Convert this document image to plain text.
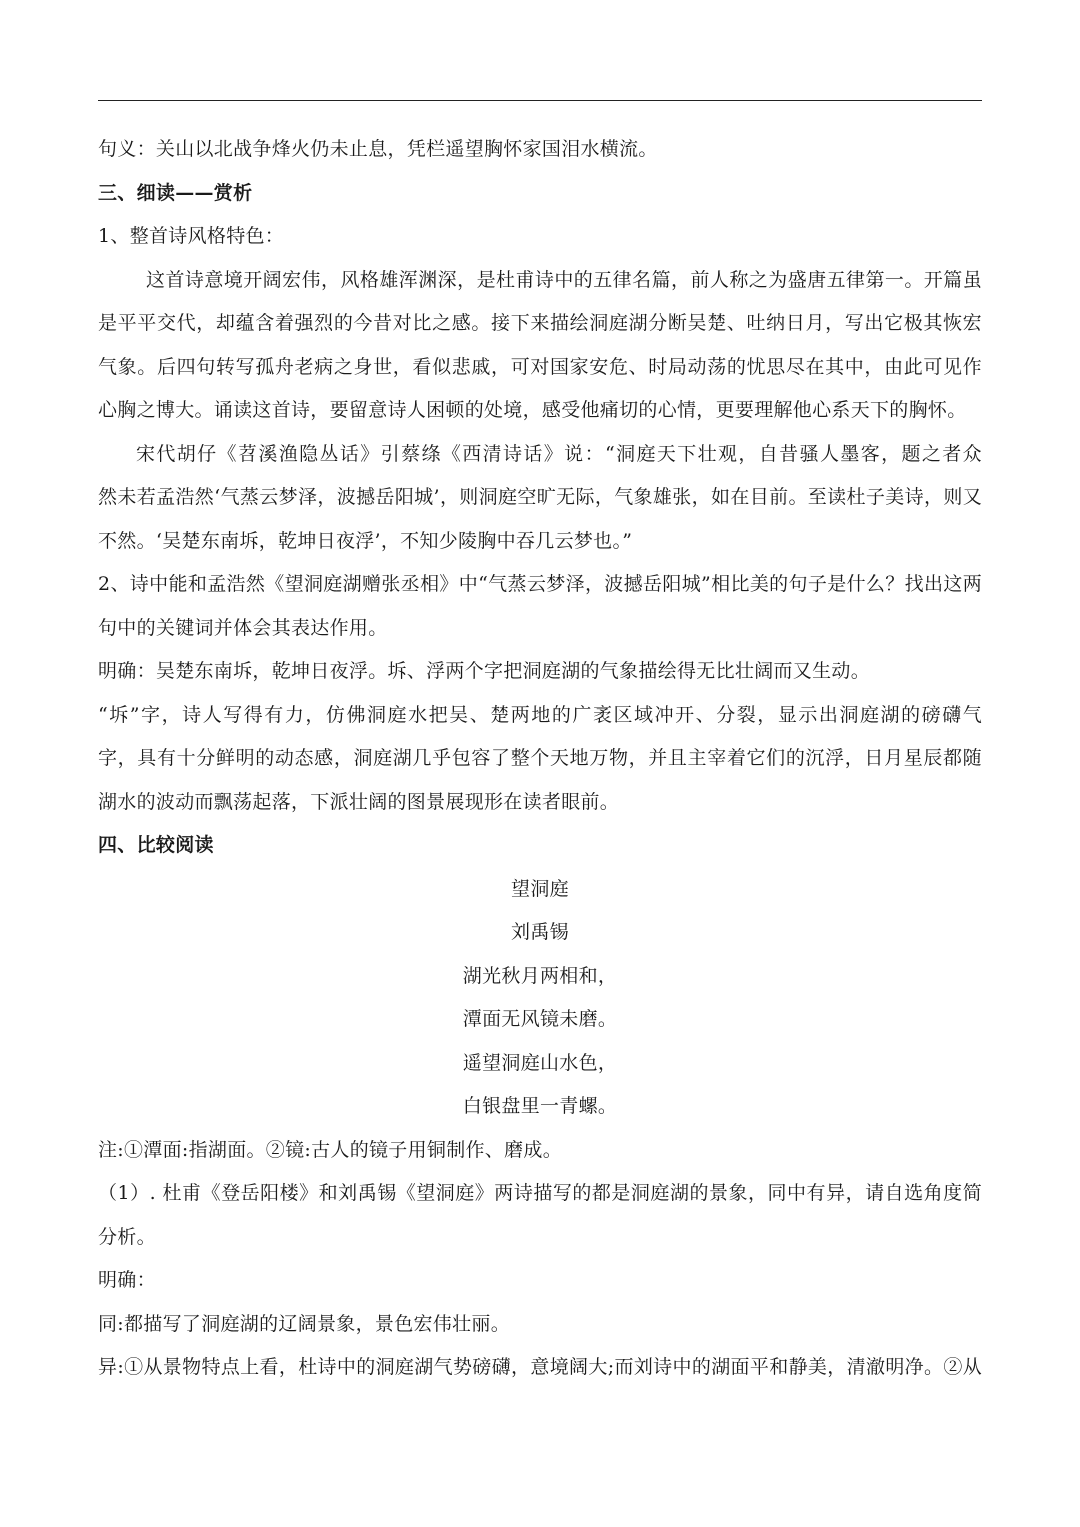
句义：关山以北战争烽火仍未止息，凭栏遥望胸怀家国泪水横流。
三、细读——赏析
1、整首诗风格特色：
这首诗意境开阔宏伟，风格雄浑渊深，是杜甫诗中的五律名篇，前人称之为盛唐五律第一。开篇虽
是平平交代，却蕴含着强烈的今昔对比之感。接下来描绘洞庭湖分断吴楚、吐纳日月，写出它极其恢宏
气象。后四句转写孤舟老病之身世，看似悲戚，可对国家安危、时局动荡的忧思尽在其中，由此可见作
心胸之博大。诵读这首诗，要留意诗人困顿的处境，感受他痛切的心情，更要理解他心系天下的胸怀。
宋代胡仔《苕溪渔隐丛话》引蔡绦《西清诗话》说：“洞庭天下壮观，自昔骚人墨客，题之者众
然未若孟浩然‘气蒸云梦泽，波撼岳阳城’，则洞庭空旷无际，气象雄张，如在目前。至读杜子美诗，则又
不然。‘吴楚东南坼，乾坤日夜浮’，不知少陵胸中吞几云梦也。”
2、诗中能和孟浩然《望洞庭湖赠张丞相》中“气蒸云梦泽，波撼岳阳城”相比美的句子是什么？找出这两
句中的关键词并体会其表达作用。
明确：吴楚东南坼，乾坤日夜浮。坼、浮两个字把洞庭湖的气象描绘得无比壮阔而又生动。
“坼”字，诗人写得有力，仿佛洞庭水把吴、楚两地的广袤区域冲开、分裂，显示出洞庭湖的磅礴气
字，具有十分鲜明的动态感，洞庭湖几乎包容了整个天地万物，并且主宰着它们的沉浮，日月星辰都随
湖水的波动而飘荡起落，下派壮阔的图景展现形在读者眼前。
四、比较阅读
望洞庭
刘禹锡
湖光秋月两相和，
潭面无风镜未磨。
遥望洞庭山水色，
白银盘里一青螺。
注:①潭面:指湖面。②镜:古人的镜子用铜制作、磨成。
（1）. 杜甫《登岳阳楼》和刘禹锡《望洞庭》两诗描写的都是洞庭湖的景象，同中有异，请自选角度简
分析。
明确：
同:都描写了洞庭湖的辽阔景象，景色宏伟壮丽。
异:①从景物特点上看，杜诗中的洞庭湖气势磅礴，意境阔大;而刘诗中的湖面平和静美，清澈明净。②从
